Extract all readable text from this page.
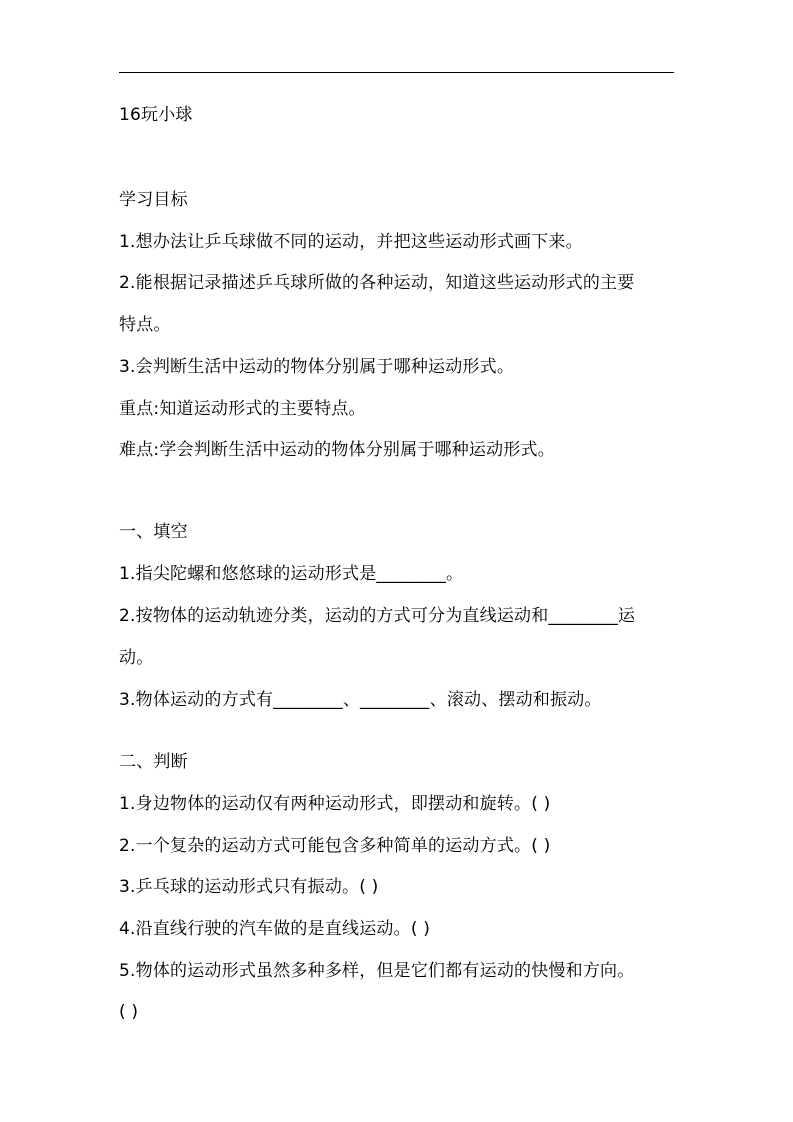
16玩小球
学习目标
1.想办法让乒乓球做不同的运动，并把这些运动形式画下来。
2.能根据记录描述乒乓球所做的各种运动，知道这些运动形式的主要
特点。
3.会判断生活中运动的物体分别属于哪种运动形式。
重点:知道运动形式的主要特点。
难点:学会判断生活中运动的物体分别属于哪种运动形式。
一、填空
1.指尖陀螺和悠悠球的运动形式是________。
2.按物体的运动轨迹分类，运动的方式可分为直线运动和________运
动。
3.物体运动的方式有________、________、滚动、摆动和振动。
二、判断
1.身边物体的运动仅有两种运动形式，即摆动和旋转。( )
2.一个复杂的运动方式可能包含多种简单的运动方式。( )
3.乒乓球的运动形式只有振动。( )
4.沿直线行驶的汽车做的是直线运动。( )
5.物体的运动形式虽然多种多样，但是它们都有运动的快慢和方向。
( )
